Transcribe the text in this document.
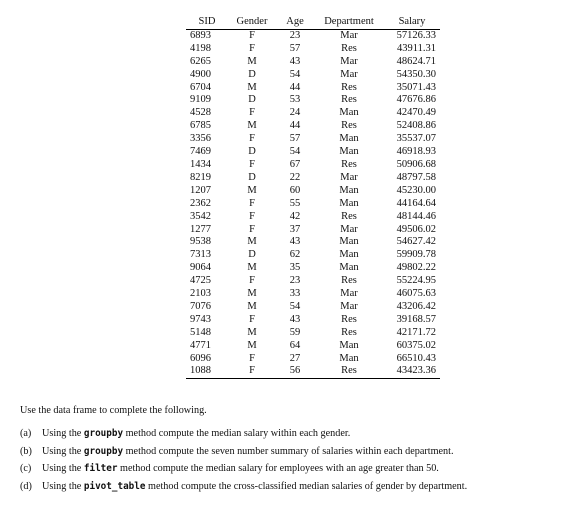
SID	Gender	Age	Department	Salary
6893	F	23	Mar	57126.33
4198	F	57	Res	43911.31
6265	M	43	Mar	48624.71
4900	D	54	Mar	54350.30
6704	M	44	Res	35071.43
9109	D	53	Res	47676.86
4528	F	24	Man	42470.49
6785	M	44	Res	52408.86
3356	F	57	Man	35537.07
7469	D	54	Man	46918.93
1434	F	67	Res	50906.68
8219	D	22	Mar	48797.58
1207	M	60	Man	45230.00
2362	F	55	Man	44164.64
3542	F	42	Res	48144.46
1277	F	37	Mar	49506.02
9538	M	43	Man	54627.42
7313	D	62	Man	59909.78
9064	M	35	Man	49802.22
4725	F	23	Res	55224.95
2103	M	33	Mar	46075.63
7076	M	54	Mar	43206.42
9743	F	43	Res	39168.57
5148	M	59	Res	42171.72
4771	M	64	Man	60375.02
6096	F	27	Man	66510.43
1088	F	56	Res	43423.36
Use the data frame to complete the following.
(a) Using the groupby method compute the median salary within each gender.
(b) Using the groupby method compute the seven number summary of salaries within each department.
(c) Using the filter method compute the median salary for employees with an age greater than 50.
(d) Using the pivot_table method compute the cross-classified median salaries of gender by department.
